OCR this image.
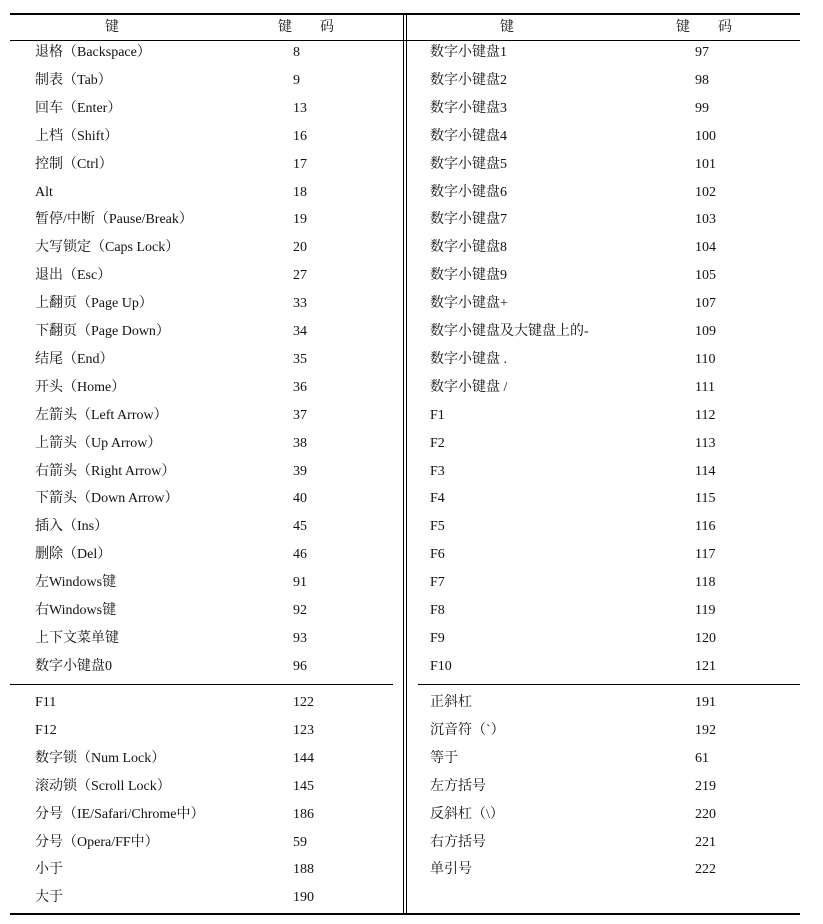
键	键　　码	键	键　　码
退格（Backspace）	8
制表（Tab）	9
回车（Enter）	13
上档（Shift）	16
控制（Ctrl）	17
Alt	18
暂停/中断（Pause/Break）	19
大写锁定（Caps Lock）	20
退出（Esc）	27
上翻页（Page Up）	33
下翻页（Page Down）	34
结尾（End）	35
开头（Home）	36
左箭头（Left Arrow）	37
上箭头（Up Arrow）	38
右箭头（Right Arrow）	39
下箭头（Down Arrow）	40
插入（Ins）	45
删除（Del）	46
左Windows键	91
右Windows键	92
上下文菜单键	93
数字小键盘0	96
数字小键盘1	97
数字小键盘2	98
数字小键盘3	99
数字小键盘4	100
数字小键盘5	101
数字小键盘6	102
数字小键盘7	103
数字小键盘8	104
数字小键盘9	105
数字小键盘+	107
数字小键盘及大键盘上的-	109
数字小键盘 .	110
数字小键盘 /	111
F1	112
F2	113
F3	114
F4	115
F5	116
F6	117
F7	118
F8	119
F9	120
F10	121
F11	122
F12	123
数字锁（Num Lock）	144
滚动锁（Scroll Lock）	145
分号（IE/Safari/Chrome中）	186
分号（Opera/FF中）	59
小于	188
大于	190
正斜杠	191
沉音符（`）	192
等于	61
左方括号	219
反斜杠（\）	220
右方括号	221
单引号	222
